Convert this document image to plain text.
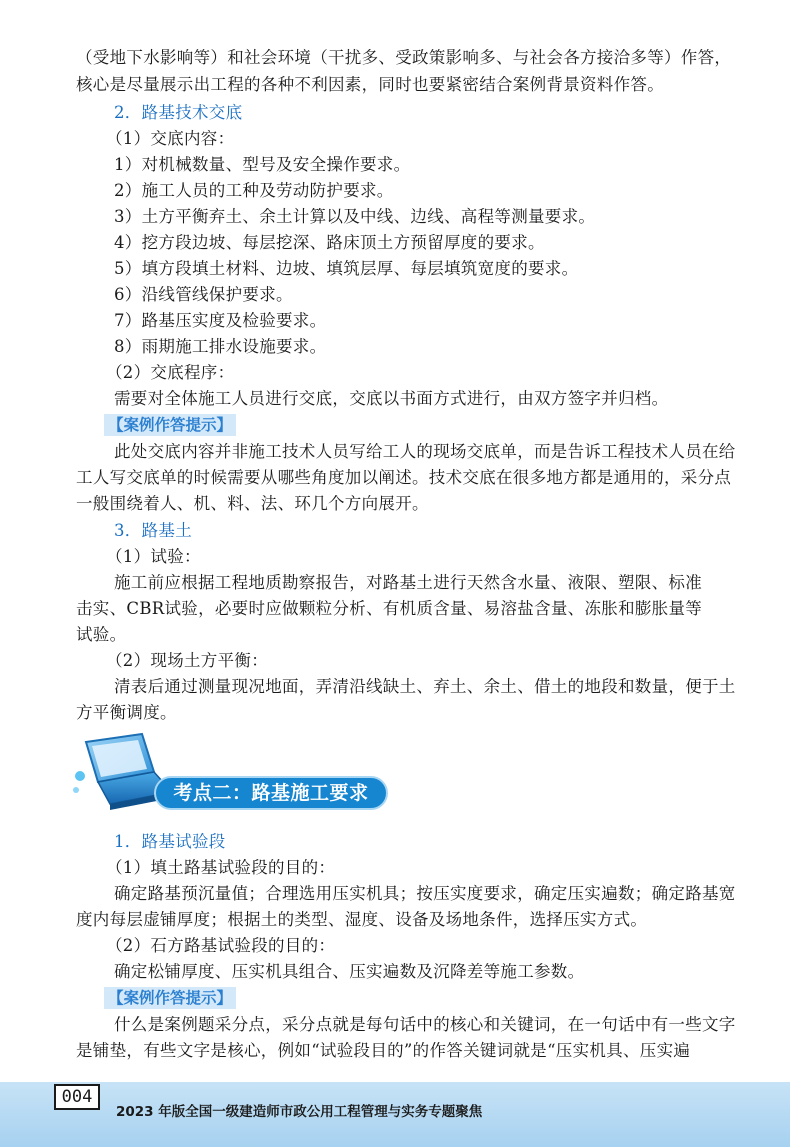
（受地下水影响等）和社会环境（干扰多、受政策影响多、与社会各方接洽多等）作答，
核心是尽量展示出工程的各种不利因素，同时也要紧密结合案例背景资料作答。
2．路基技术交底
（1）交底内容：
1）对机械数量、型号及安全操作要求。
2）施工人员的工种及劳动防护要求。
3）土方平衡弃土、余土计算以及中线、边线、高程等测量要求。
4）挖方段边坡、每层挖深、路床顶土方预留厚度的要求。
5）填方段填土材料、边坡、填筑层厚、每层填筑宽度的要求。
6）沿线管线保护要求。
7）路基压实度及检验要求。
8）雨期施工排水设施要求。
（2）交底程序：
需要对全体施工人员进行交底，交底以书面方式进行，由双方签字并归档。
【案例作答提示】
此处交底内容并非施工技术人员写给工人的现场交底单，而是告诉工程技术人员在给
工人写交底单的时候需要从哪些角度加以阐述。技术交底在很多地方都是通用的，采分点
一般围绕着人、机、料、法、环几个方向展开。
3．路基土
（1）试验：
施工前应根据工程地质勘察报告，对路基土进行天然含水量、液限、塑限、标准
击实、CBR试验，必要时应做颗粒分析、有机质含量、易溶盐含量、冻胀和膨胀量等
试验。
（2）现场土方平衡：
清表后通过测量现况地面，弄清沿线缺土、弃土、余土、借土的地段和数量，便于土
方平衡调度。
考点二：路基施工要求
1．路基试验段
（1）填土路基试验段的目的：
确定路基预沉量值；合理选用压实机具；按压实度要求，确定压实遍数；确定路基宽
度内每层虚铺厚度；根据土的类型、湿度、设备及场地条件，选择压实方式。
（2）石方路基试验段的目的：
确定松铺厚度、压实机具组合、压实遍数及沉降差等施工参数。
【案例作答提示】
什么是案例题采分点，采分点就是每句话中的核心和关键词，在一句话中有一些文字
是铺垫，有些文字是核心，例如“试验段目的”的作答关键词就是“压实机具、压实遍
004
2023 年版全国一级建造师市政公用工程管理与实务专题聚焦
